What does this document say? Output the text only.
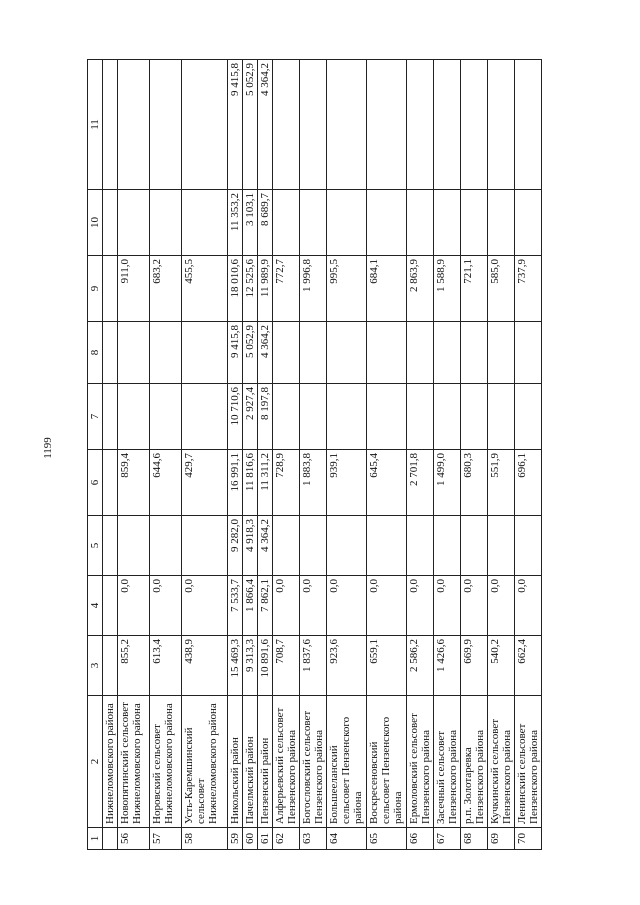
1199
1	2	3	4	5	6	7	8	9	10	11
	Нижнеломовского района									
56	Новопятинский сельсовет Нижнеломовского района	855,2	0,0		859,4			911,0		
57	Норовский сельсовет Нижнеломовского района	613,4	0,0		644,6			683,2		
58	Усть-Каремшинский сельсовет Нижнеломовского района	438,9	0,0		429,7			455,5		
59	Никольский район	15 469,3	7 533,7	9 282,0	16 991,1	10 710,6	9 415,8	18 010,6	11 353,2	9 415,8
60	Пачелмский район	9 313,3	1 866,4	4 918,3	11 816,6	2 927,4	5 052,9	12 525,6	3 103,1	5 052,9
61	Пензенский район	10 891,6	7 862,1	4 364,2	11 311,2	8 197,8	4 364,2	11 989,9	8 689,7	4 364,2
62	Алферьевский сельсовет Пензенского района	708,7	0,0		728,9			772,7		
63	Богословский сельсовет Пензенского района	1 837,6	0,0		1 883,8			1 996,8		
64	Большееланский сельсовет Пензенского района	923,6	0,0		939,1			995,5		
65	Воскресеновский сельсовет Пензенского района	659,1	0,0		645,4			684,1		
66	Ермоловский сельсовет Пензенского района	2 586,2	0,0		2 701,8			2 863,9		
67	Засечный сельсовет Пензенского района	1 426,6	0,0		1 499,0			1 588,9		
68	р.п. Золотаревка Пензенского района	669,9	0,0		680,3			721,1		
69	Кучкинский сельсовет Пензенского района	540,2	0,0		551,9			585,0		
70	Ленинский сельсовет Пензенского района	662,4	0,0		696,1			737,9		
